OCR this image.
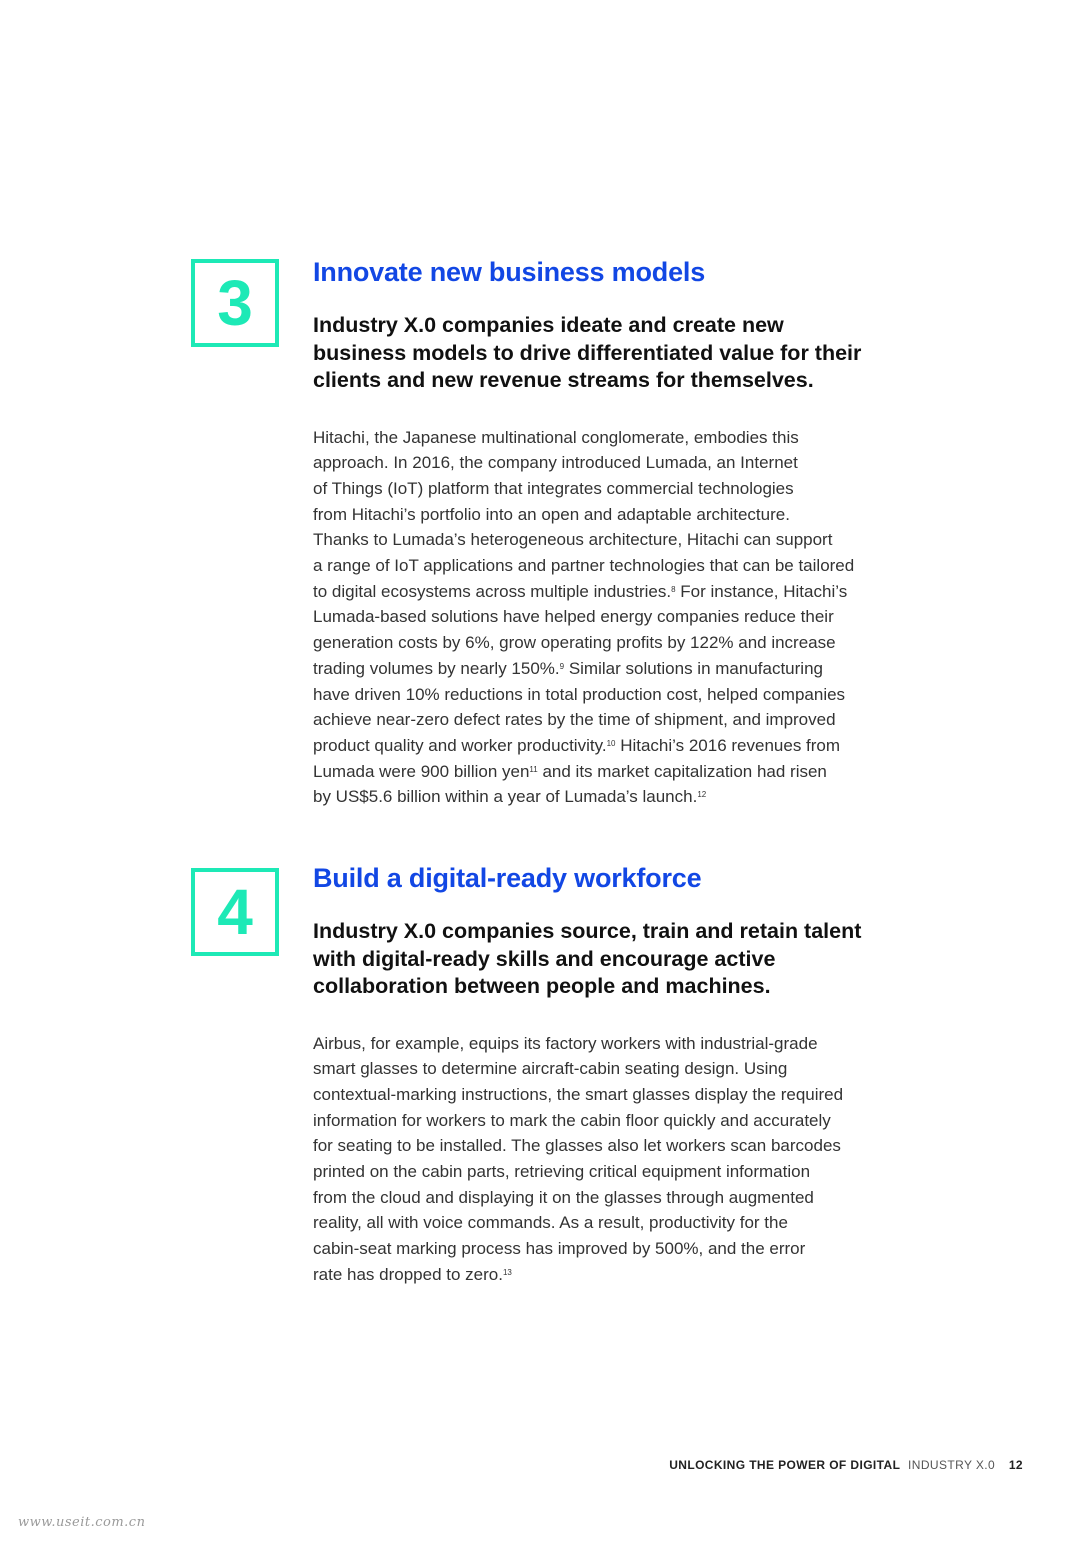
3 Innovate new business models

Industry X.0 companies ideate and create new
business models to drive differentiated value for their
clients and new revenue streams for themselves.

Hitachi, the Japanese multinational conglomerate, embodies this
approach. In 2016, the company introduced Lumada, an Internet
of Things (IoT) platform that integrates commercial technologies
from Hitachi’s portfolio into an open and adaptable architecture.
Thanks to Lumada’s heterogeneous architecture, Hitachi can support
a range of IoT applications and partner technologies that can be tailored
to digital ecosystems across multiple industries.$^8$ For instance, Hitachi’s
Lumada-based solutions have helped energy companies reduce their
generation costs by 6%, grow operating profits by 122% and increase
trading volumes by nearly 150%.$^9$ Similar solutions in manufacturing
have driven 10% reductions in total production cost, helped companies
achieve near-zero defect rates by the time of shipment, and improved
product quality and worker productivity.$^{10}$ Hitachi’s 2016 revenues from
Lumada were 900 billion yen$^{11}$ and its market capitalization had risen
by US$5.6 billion within a year of Lumada’s launch.$^{12}$

4 Build a digital-ready workforce

Industry X.0 companies source, train and retain talent
with digital-ready skills and encourage active
collaboration between people and machines.

Airbus, for example, equips its factory workers with industrial-grade
smart glasses to determine aircraft-cabin seating design. Using
contextual-marking instructions, the smart glasses display the required
information for workers to mark the cabin floor quickly and accurately
for seating to be installed. The glasses also let workers scan barcodes
printed on the cabin parts, retrieving critical equipment information
from the cloud and displaying it on the glasses through augmented
reality, all with voice commands. As a result, productivity for the
cabin-seat marking process has improved by 500%, and the error
rate has dropped to zero.$^{13}$

UNLOCKING THE POWER OF DIGITAL INDUSTRY X.0 12
www.useit.com.cn
